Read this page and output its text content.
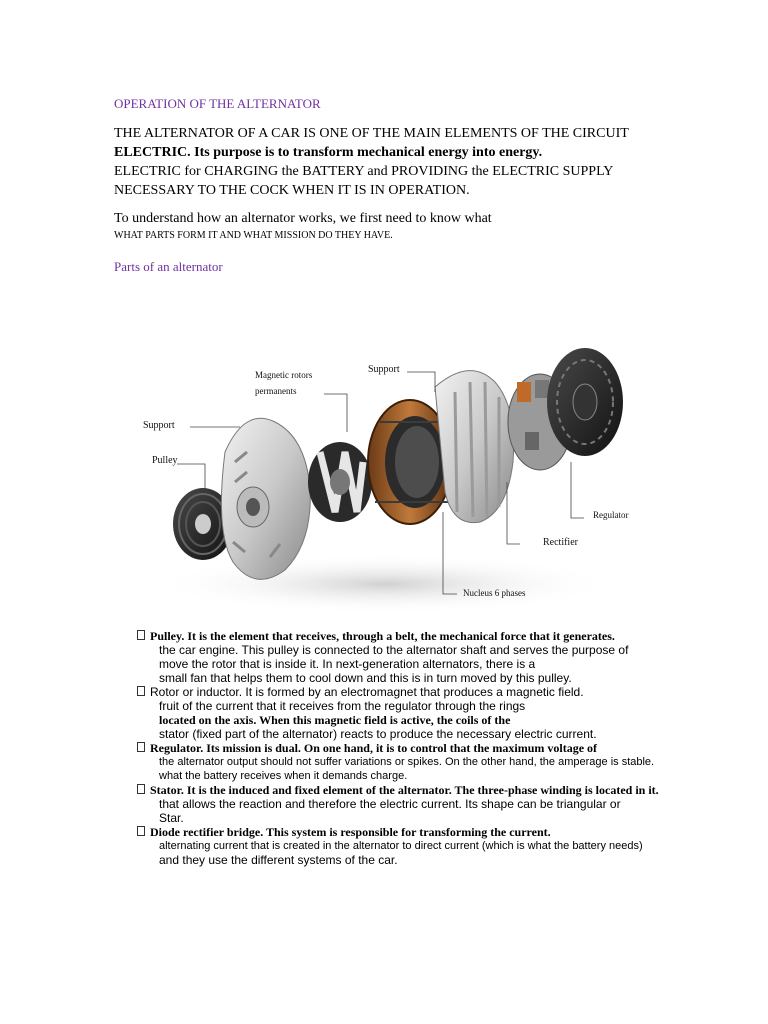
OPERATION OF THE ALTERNATOR
THE ALTERNATOR OF A CAR IS ONE OF THE MAIN ELEMENTS OF THE CIRCUIT
ELECTRIC. Its purpose is to transform mechanical energy into energy.
ELECTRIC for CHARGING the BATTERY and PROVIDING the ELECTRIC SUPPLY
NECESSARY TO THE COCK WHEN IT IS IN OPERATION.
To understand how an alternator works, we first need to know what
WHAT PARTS FORM IT AND WHAT MISSION DO THEY HAVE.
Parts of an alternator
Magnetic rotors
permanents
Support
Support
Pulley
Regulator
Rectifier
Nucleus 6 phases
Pulley. It is the element that receives, through a belt, the mechanical force that it generates.
the car engine. This pulley is connected to the alternator shaft and serves the purpose of
move the rotor that is inside it. In next-generation alternators, there is a
small fan that helps them to cool down and this is in turn moved by this pulley.
Rotor or inductor. It is formed by an electromagnet that produces a magnetic field.
fruit of the current that it receives from the regulator through the rings
located on the axis. When this magnetic field is active, the coils of the
stator (fixed part of the alternator) reacts to produce the necessary electric current.
Regulator. Its mission is dual. On one hand, it is to control that the maximum voltage of
the alternator output should not suffer variations or spikes. On the other hand, the amperage is stable.
what the battery receives when it demands charge.
Stator. It is the induced and fixed element of the alternator. The three-phase winding is located in it.
that allows the reaction and therefore the electric current. Its shape can be triangular or
Star.
Diode rectifier bridge. This system is responsible for transforming the current.
alternating current that is created in the alternator to direct current (which is what the battery needs)
and they use the different systems of the car.
